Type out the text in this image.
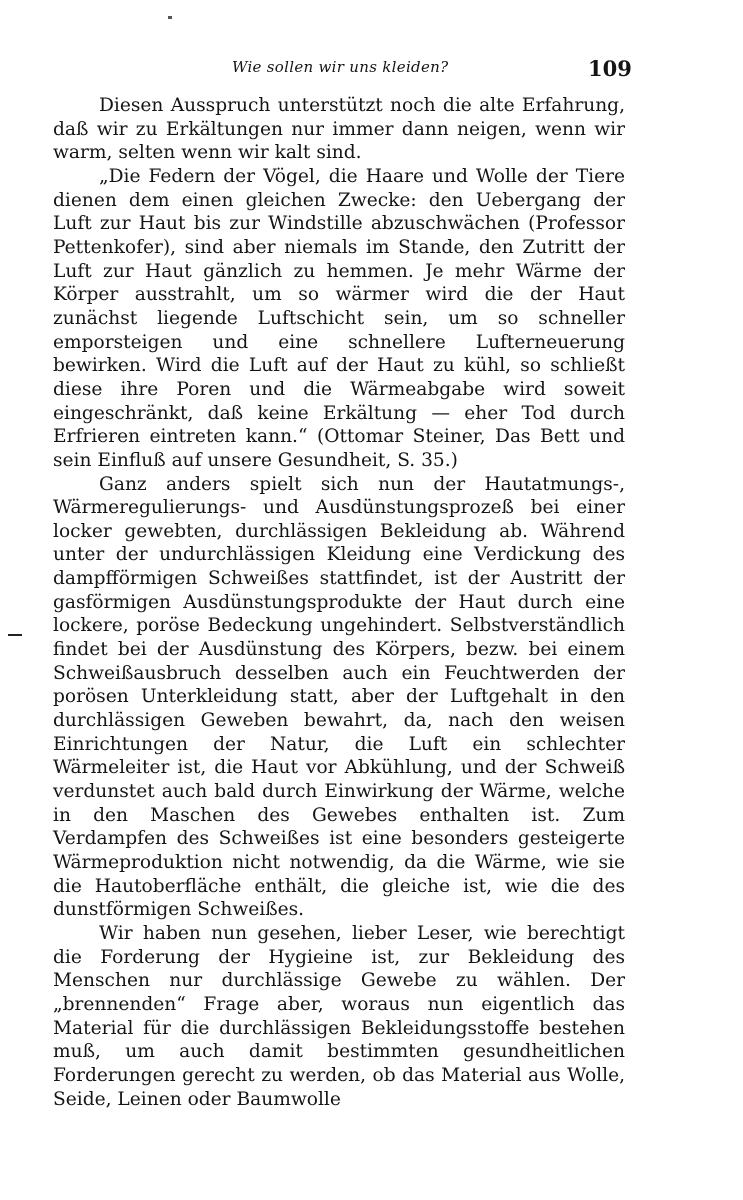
Wie sollen wir uns kleiden?	109

Diesen Ausspruch unterstützt noch die alte Erfahrung, daß wir zu Erkältungen nur immer dann neigen, wenn wir warm, selten wenn wir kalt sind.

„Die Federn der Vögel, die Haare und Wolle der Tiere dienen dem einen gleichen Zwecke: den Uebergang der Luft zur Haut bis zur Windstille abzuschwächen (Professor Pettenkofer), sind aber niemals im Stande, den Zutritt der Luft zur Haut gänzlich zu hemmen. Je mehr Wärme der Körper ausstrahlt, um so wärmer wird die der Haut zunächst liegende Luftschicht sein, um so schneller emporsteigen und eine schnellere Lufterneuerung bewirken. Wird die Luft auf der Haut zu kühl, so schließt diese ihre Poren und die Wärmeabgabe wird soweit eingeschränkt, daß keine Erkältung — eher Tod durch Erfrieren eintreten kann.“ (Ottomar Steiner, Das Bett und sein Einfluß auf unsere Gesundheit, S. 35.)

Ganz anders spielt sich nun der Hautatmungs-, Wärmeregulierungs- und Ausdünstungsprozeß bei einer locker gewebten, durchlässigen Bekleidung ab. Während unter der undurchlässigen Kleidung eine Verdickung des dampfförmigen Schweißes stattfindet, ist der Austritt der gasförmigen Ausdünstungsprodukte der Haut durch eine lockere, poröse Bedeckung ungehindert. Selbstverständlich findet bei der Ausdünstung des Körpers, bezw. bei einem Schweißausbruch desselben auch ein Feuchtwerden der porösen Unterkleidung statt, aber der Luftgehalt in den durchlässigen Geweben bewahrt, da, nach den weisen Einrichtungen der Natur, die Luft ein schlechter Wärmeleiter ist, die Haut vor Abkühlung, und der Schweiß verdunstet auch bald durch Einwirkung der Wärme, welche in den Maschen des Gewebes enthalten ist. Zum Verdampfen des Schweißes ist eine besonders gesteigerte Wärmeproduktion nicht notwendig, da die Wärme, wie sie die Hautoberfläche enthält, die gleiche ist, wie die des dunstförmigen Schweißes.

Wir haben nun gesehen, lieber Leser, wie berechtigt die Forderung der Hygieine ist, zur Bekleidung des Menschen nur durchlässige Gewebe zu wählen. Der „brennenden“ Frage aber, woraus nun eigentlich das Material für die durchlässigen Bekleidungsstoffe bestehen muß, um auch damit bestimmten gesundheitlichen Forderungen gerecht zu werden, ob das Material aus Wolle, Seide, Leinen oder Baumwolle
